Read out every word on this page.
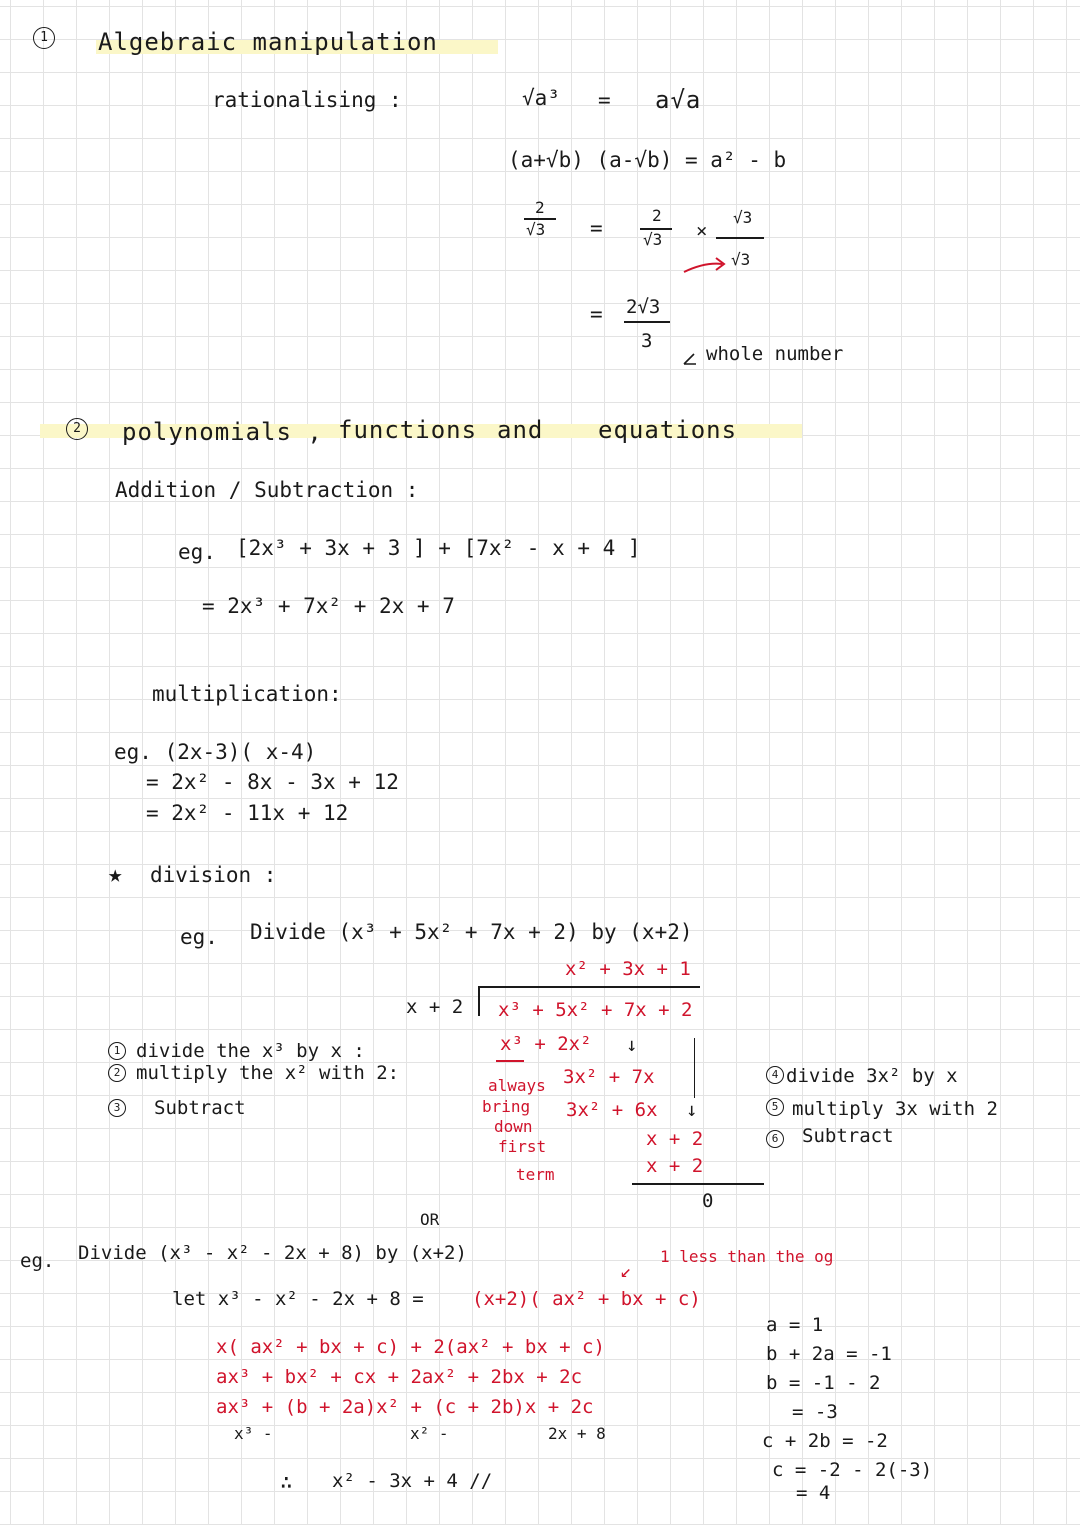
1 Algebraic manipulation
rationalising :	√a³ = a√a
(a+√b) (a-√b) = a² - b
2
√3 =
2
√3 ×
√3
√3
= 2√3
3
whole number
2 polynomials , functions and equations
Addition / Subtraction :
eg. [2x³ + 3x + 3 ] + [7x² - x + 4 ]
= 2x³ + 7x² + 2x + 7
multiplication:
eg. (2x-3)( x-4)
= 2x² - 8x - 3x + 12
= 2x² - 11x + 12
★ division :
eg. Divide (x³ + 5x² + 7x + 2) by (x+2)
x² + 3x + 1
x + 2 x³ + 5x² + 7x + 2
x³ + 2x² ↓
3x² + 7x
3x² + 6x ↓
x + 2
x + 2
0
always
bring
down
first
term
1 divide the x³ by x :
2 multiply the x² with 2:
3 Subtract
4 divide 3x² by x
5 multiply 3x with 2
6 Subtract
OR
eg. Divide (x³ - x² - 2x + 8) by (x+2)	1 less than the og
↙
let x³ - x² - 2x + 8 =	(x+2)( ax² + bx + c)
x( ax² + bx + c) + 2(ax² + bx + c)
ax³ + bx² + cx + 2ax² + 2bx + 2c
ax³ + (b + 2a)x² + (c + 2b)x + 2c
x³ -	x² -	2x + 8
∴ x² - 3x + 4 //
a = 1
b + 2a = -1
b = -1 - 2
= -3
c + 2b = -2
c = -2 - 2(-3)
= 4
